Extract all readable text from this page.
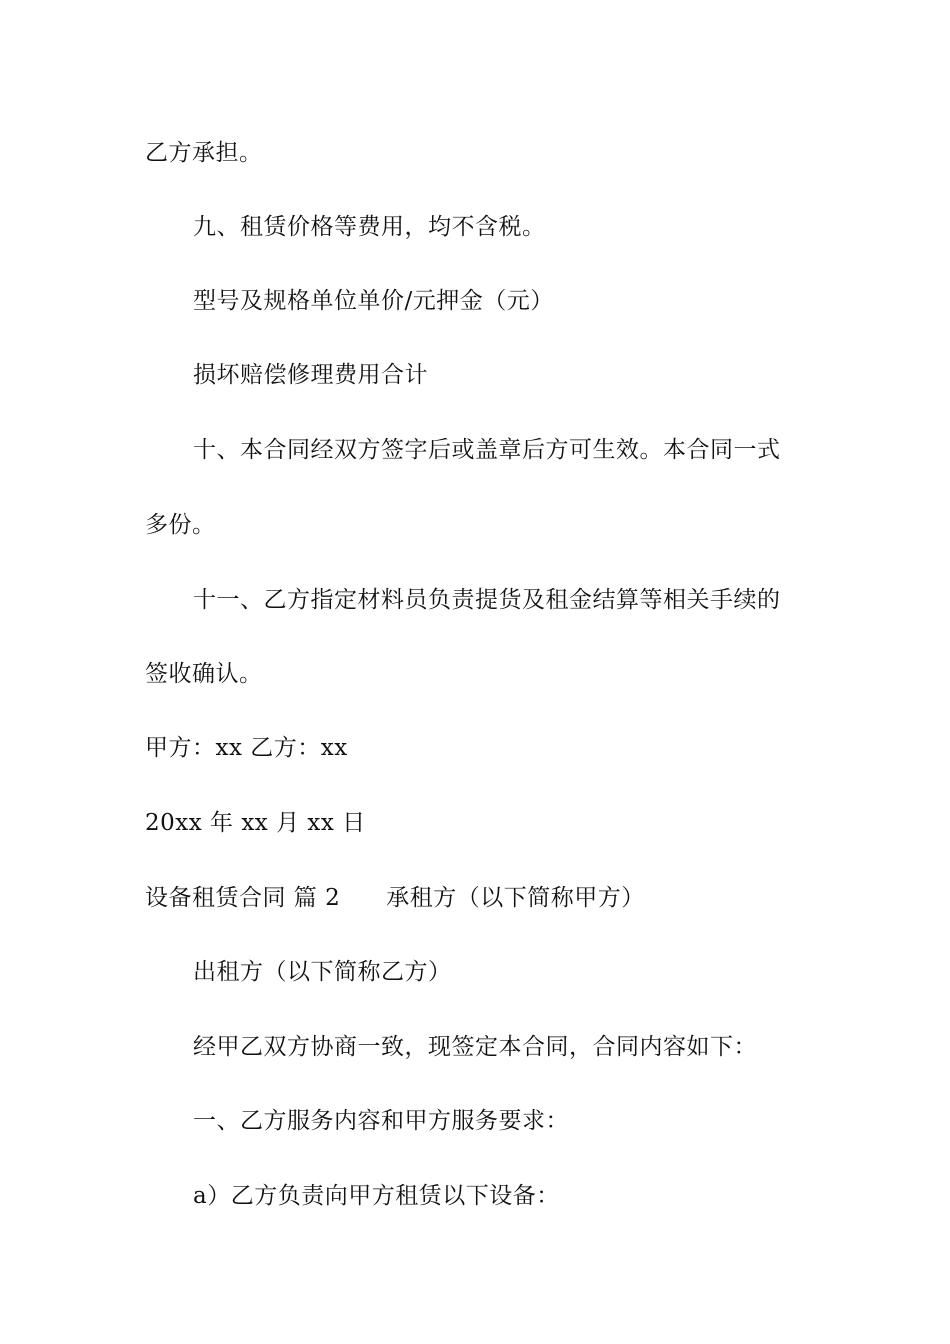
乙方承担。
九、租赁价格等费用，均不含税。
型号及规格单位单价/元押金（元）
损坏赔偿修理费用合计
十、本合同经双方签字后或盖章后方可生效。本合同一式
多份。
十一、乙方指定材料员负责提货及租金结算等相关手续的
签收确认。
甲方：xx 乙方：xx
20xx 年 xx 月 xx 日
设备租赁合同 篇 2 承租方（以下简称甲方）
出租方（以下简称乙方）
经甲乙双方协商一致，现签定本合同，合同内容如下：
一、乙方服务内容和甲方服务要求：
a）乙方负责向甲方租赁以下设备：
